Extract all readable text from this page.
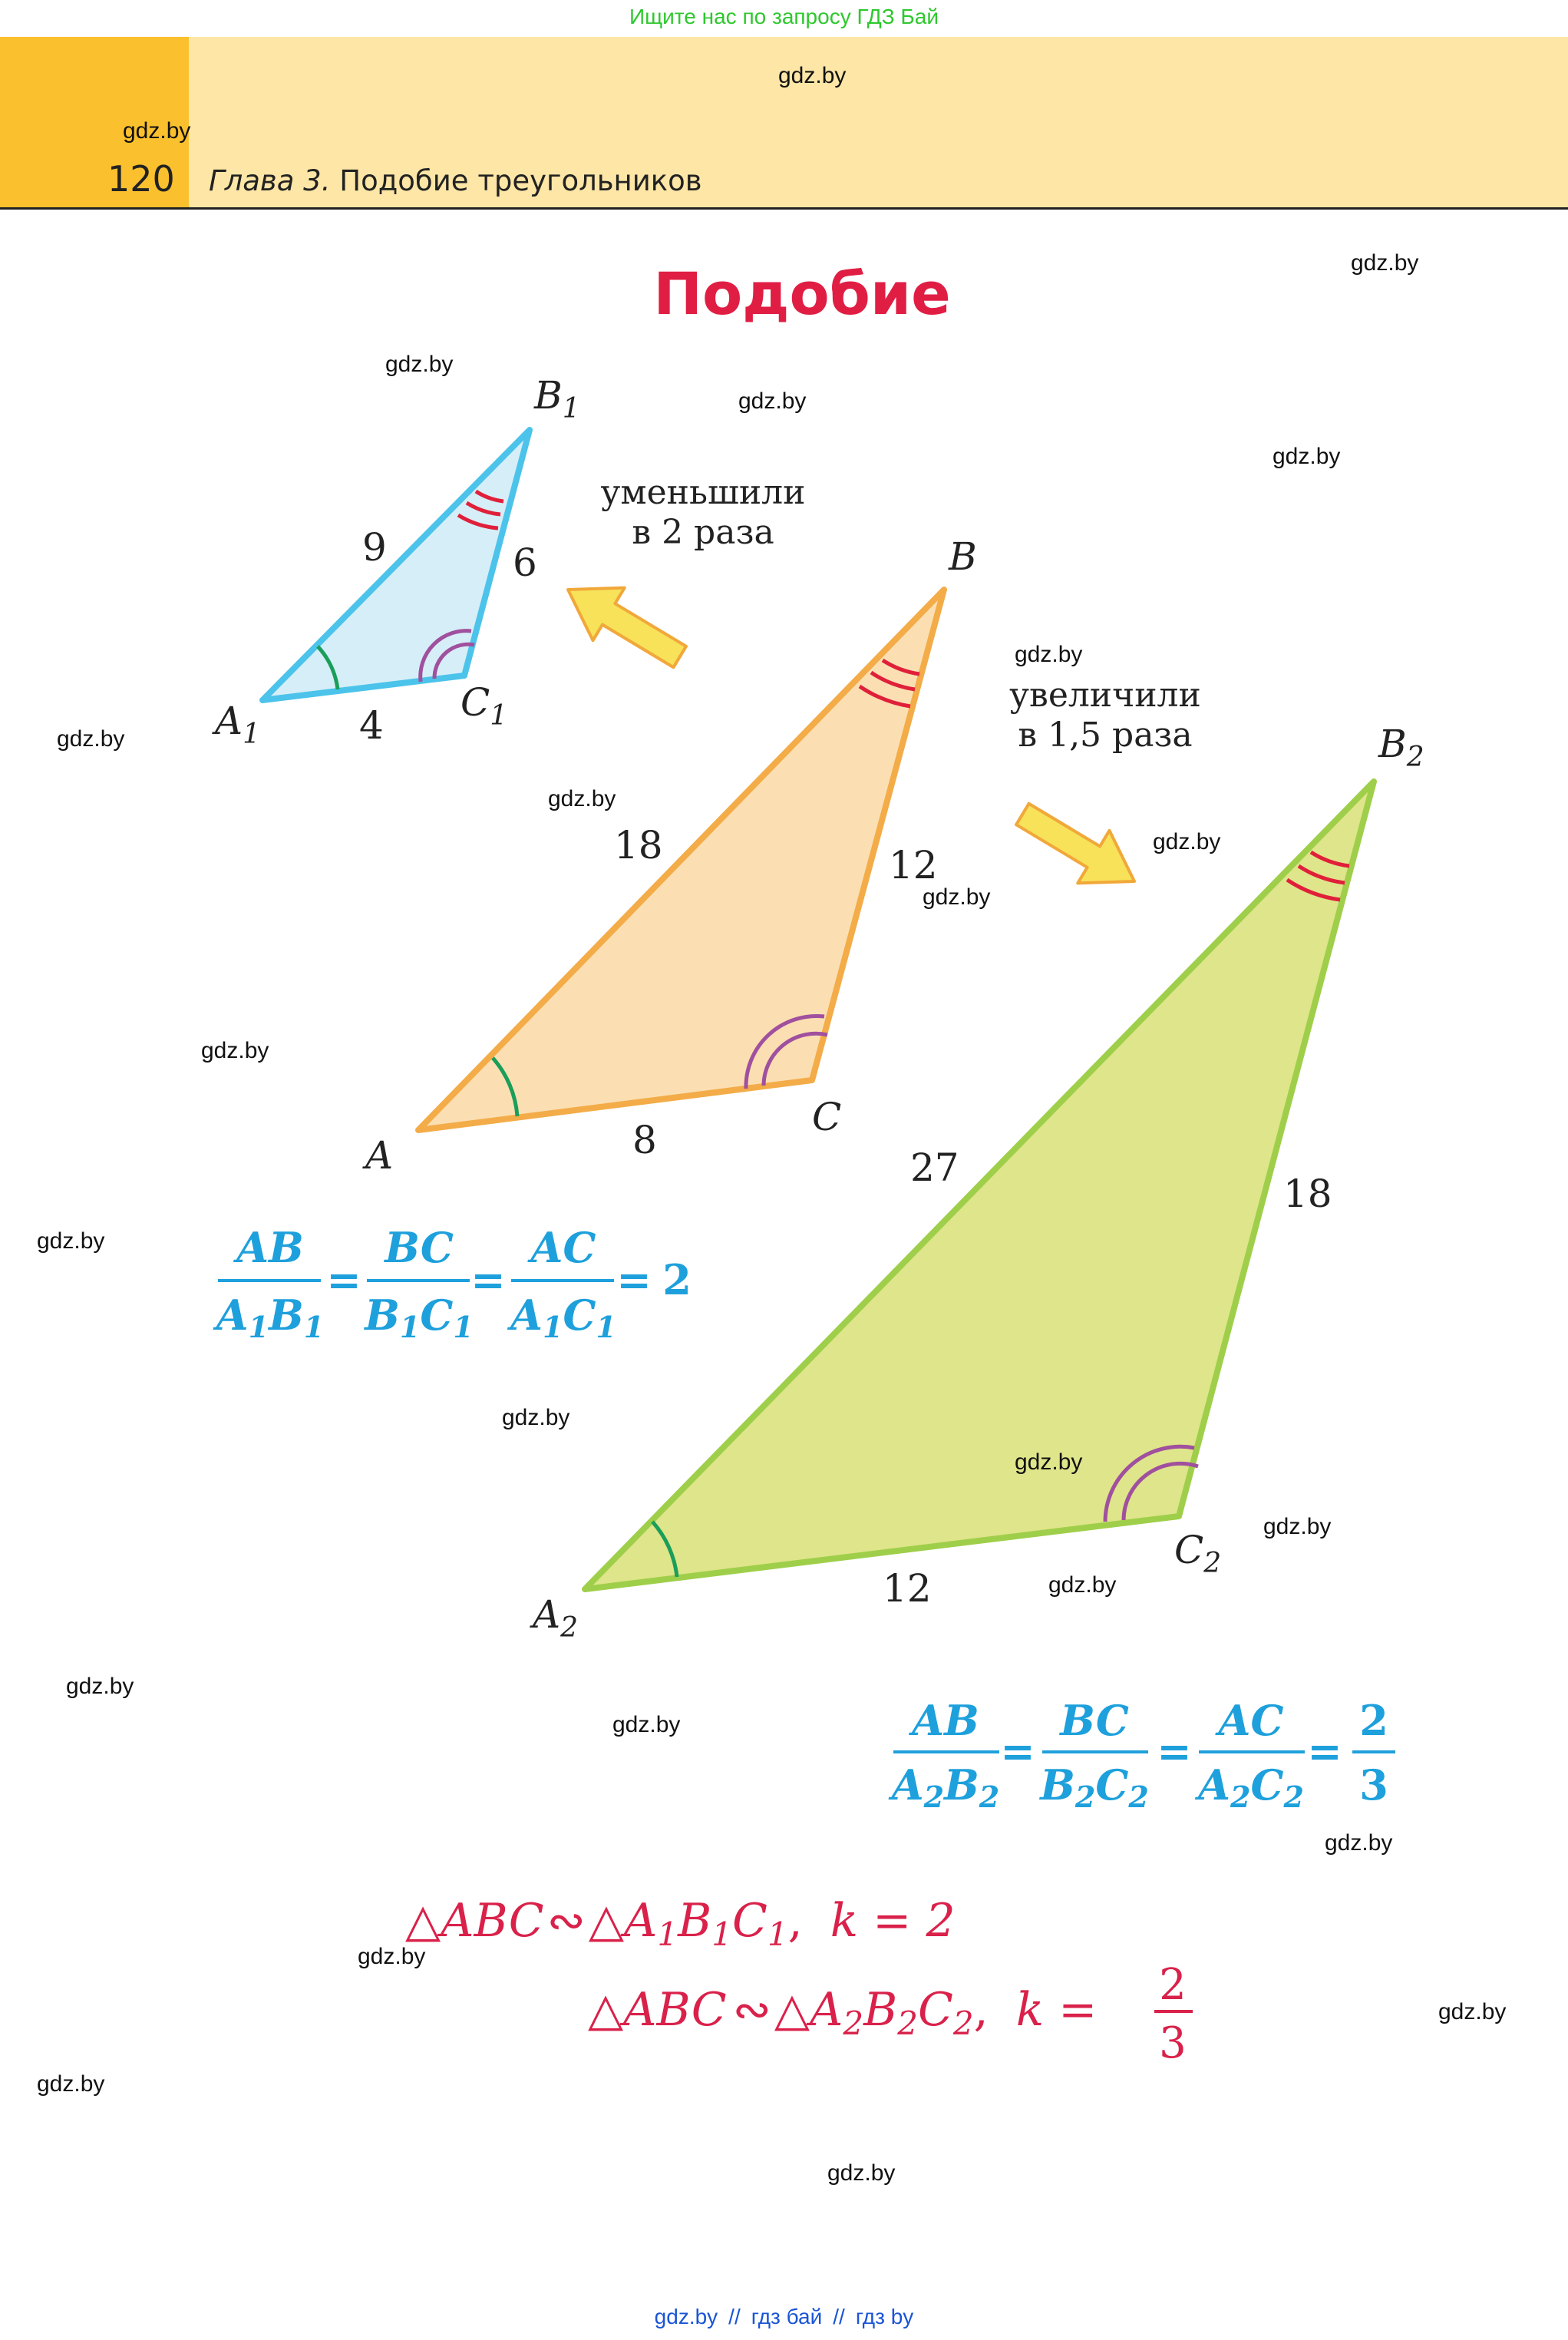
Ищите нас по запросу ГДЗ Бай
120 Глава 3. Подобие треугольников
Подобие
$B_1$
$A_1$
$C_1$
9	6
4
B
A
C
18	12
8
$B_2$
$A_2$
$C_2$
27
18
12
уменьшили
в 2 раза
увеличили
в 1,5 раза
AB
A1B1
=
BC
B1C1
=
AC
A1C1
= 2
AB
A2B2
=
BC
B2C2
=
AC
A2C2
=
2
3
$\triangle ABC∾\triangle A_1B_1C_1$, k = 2
△ABC $∾\triangle A_2B_2C_2$, k = 2
3
gdz.by
gdz.by
gdz.by
gdz.by
gdz.by
gdz.by
gdz.by
gdz.by
gdz.by
gdz.by
gdz.by
gdz.by
gdz.by
gdz.by
gdz.by
gdz.by
gdz.by
gdz.by
gdz.by
gdz.by
gdz.by
gdz.by
gdz.by
gdz.by
gdz.by // гдз бай // гдз by
